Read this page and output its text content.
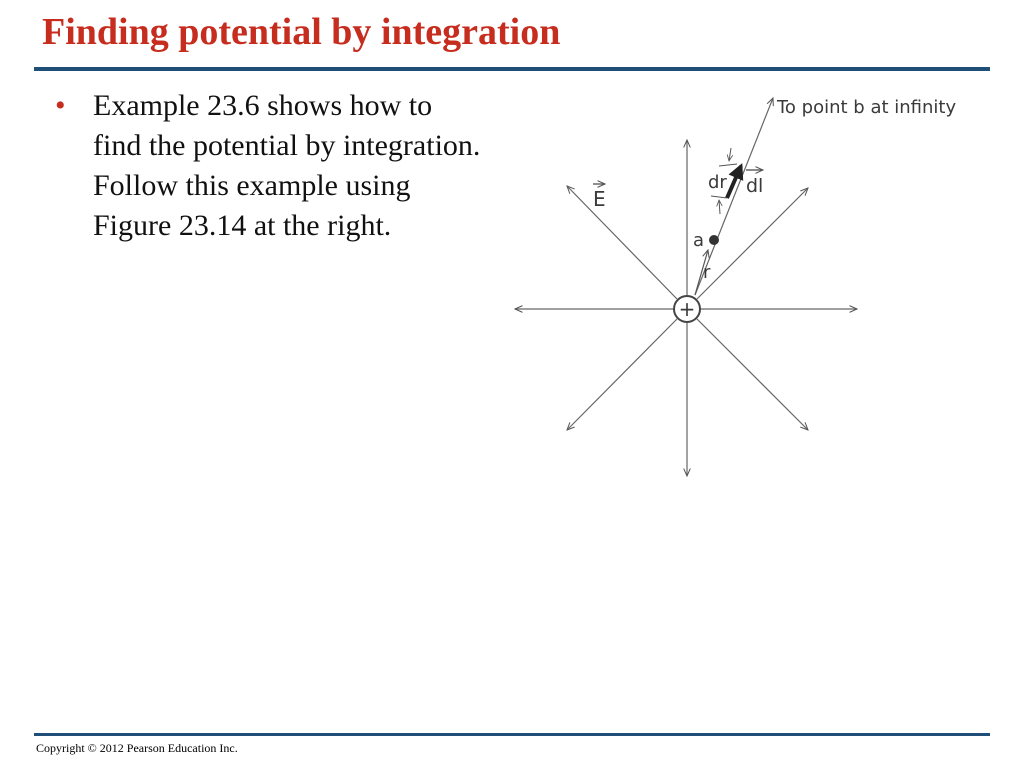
Finding potential by integration
• Example 23.6 shows how to find the potential by integration. Follow this example using Figure 23.14 at the right.
+
To point b at infinity
E
dr dl
a
r
Copyright © 2012 Pearson Education Inc.
